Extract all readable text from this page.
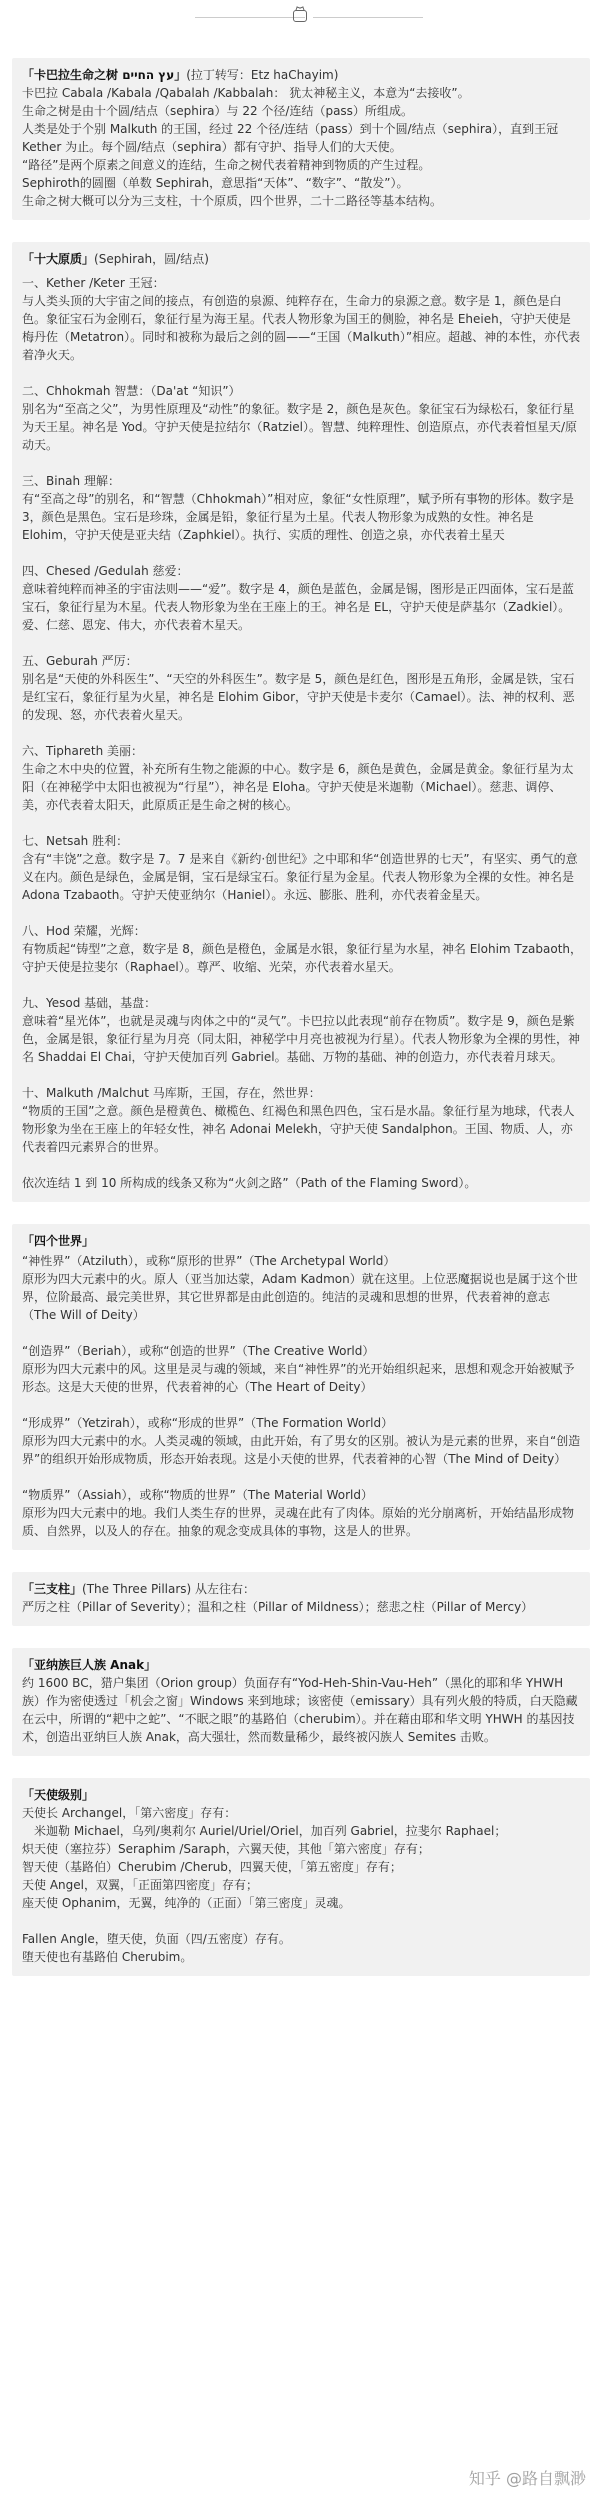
「卡巴拉生命之树 עץ החיים」(拉丁转写：Etz haChayim)

卡巴拉 Cabala /Kabala /Qabalah /Kabbalah： 犹太神秘主义，本意为“去接收”。

生命之树是由十个圆/结点（sephira）与 22 个径/连结（pass）所组成。

人类是处于个别 Malkuth 的王国，经过 22 个径/连结（pass）到十个圆/结点（sephira），直到王冠 Kether 为止。每个圆/结点（sephira）都有守护、指导人们的大天使。

“路径”是两个原素之间意义的连结，生命之树代表着精神到物质的产生过程。

Sephiroth的圆圈（单数 Sephirah，意思指“天体”、“数字”、“散发”）。

生命之树大概可以分为三支柱，十个原质，四个世界，二十二路径等基本结构。

「十大原质」(Sephirah，圆/结点)

一、Kether /Keter 王冠：

与人类头顶的大宇宙之间的接点，有创造的泉源、纯粹存在，生命力的泉源之意。数字是 1，颜色是白色。象征宝石为金刚石，象征行星为海王星。代表人物形象为国王的侧脸，神名是 Eheieh，守护天使是梅丹佐（Metatron）。同时和被称为最后之剑的圆——“王国（Malkuth）”相应。超越、神的本性，亦代表着净火天。

二、Chhokmah 智慧：（Da'at “知识”）

别名为“至高之父”，为男性原理及“动性”的象征。数字是 2，颜色是灰色。象征宝石为绿松石，象征行星为天王星。神名是 Yod。守护天使是拉结尔（Ratziel）。智慧、纯粹理性、创造原点，亦代表着恒星天/原动天。

三、Binah 理解：

有“至高之母”的别名，和“智慧（Chhokmah）”相对应，象征“女性原理”，赋予所有事物的形体。数字是 3，颜色是黑色。宝石是珍珠，金属是铅，象征行星为土星。代表人物形象为成熟的女性。神名是 Elohim，守护天使是亚夫结（Zaphkiel）。执行、实质的理性、创造之泉，亦代表着土星天

四、Chesed /Gedulah 慈爱：

意味着纯粹而神圣的宇宙法则——“爱”。数字是 4，颜色是蓝色，金属是锡，图形是正四面体，宝石是蓝宝石，象征行星为木星。代表人物形象为坐在王座上的王。神名是 EL，守护天使是萨基尔（Zadkiel）。爱、仁慈、恩宠、伟大，亦代表着木星天。

五、Geburah 严厉：

别名是“天使的外科医生”、“天空的外科医生”。数字是 5，颜色是红色，图形是五角形，金属是铁，宝石是红宝石，象征行星为火星，神名是 Elohim Gibor，守护天使是卡麦尔（Camael）。法、神的权利、恶的发现、怒，亦代表着火星天。

六、Tiphareth 美丽：

生命之木中央的位置，补充所有生物之能源的中心。数字是 6，颜色是黄色，金属是黄金。象征行星为太阳（在神秘学中太阳也被视为“行星”），神名是 Eloha。守护天使是米迦勒（Michael）。慈悲、调停、美，亦代表着太阳天，此原质正是生命之树的核心。

七、Netsah 胜利：

含有“丰饶”之意。数字是 7。7 是来自《新约·创世纪》之中耶和华“创造世界的七天”，有坚实、勇气的意义在内。颜色是绿色，金属是铜，宝石是绿宝石。象征行星为金星。代表人物形象为全裸的女性。神名是 Adona Tzabaoth。守护天使亚纳尔（Haniel）。永远、膨胀、胜利，亦代表着金星天。

八、Hod 荣耀，光辉：

有物质起“铸型”之意，数字是 8，颜色是橙色，金属是水银，象征行星为水星，神名 Elohim Tzabaoth，守护天使是拉斐尔（Raphael）。尊严、收缩、光荣，亦代表着水星天。

九、Yesod 基础，基盘：

意味着“星光体”，也就是灵魂与肉体之中的“灵气”。卡巴拉以此表现“前存在物质”。数字是 9，颜色是紫色，金属是银，象征行星为月亮（同太阳，神秘学中月亮也被视为行星）。代表人物形象为全裸的男性，神名 Shaddai El Chai，守护天使加百列 Gabriel。基础、万物的基础、神的创造力，亦代表着月球天。

十、Malkuth /Malchut 马库斯，王国，存在，然世界：

“物质的王国”之意。颜色是橙黄色、橄榄色、红褐色和黑色四色，宝石是水晶。象征行星为地球，代表人物形象为坐在王座上的年轻女性，神名 Adonai Melekh，守护天使 Sandalphon。王国、物质、人，亦代表着四元素界合的世界。

依次连结 1 到 10 所构成的线条又称为“火剑之路”（Path of the Flaming Sword）。

「四个世界」

“神性界”（Atziluth），或称“原形的世界”（The Archetypal World）

原形为四大元素中的火。原人（亚当加达蒙，Adam Kadmon）就在这里。上位恶魔据说也是属于这个世界，位阶最高、最完美世界，其它世界都是由此创造的。纯洁的灵魂和思想的世界，代表着神的意志（The Will of Deity）

“创造界”（Beriah），或称“创造的世界”（The Creative World）

原形为四大元素中的风。这里是灵与魂的领域，来自“神性界”的光开始组织起来，思想和观念开始被赋予形态。这是大天使的世界，代表着神的心（The Heart of Deity）

“形成界”（Yetzirah），或称“形成的世界”（The Formation World）

原形为四大元素中的水。人类灵魂的领域，由此开始，有了男女的区别。被认为是元素的世界，来自“创造界”的组织开始形成物质，形态开始表现。这是小天使的世界，代表着神的心智（The Mind of Deity）

“物质界”（Assiah），或称“物质的世界”（The Material World）

原形为四大元素中的地。我们人类生存的世界，灵魂在此有了肉体。原始的光分崩离析，开始结晶形成物质、自然界，以及人的存在。抽象的观念变成具体的事物，这是人的世界。

「三支柱」(The Three Pillars) 从左往右：

严厉之柱（Pillar of Severity）；温和之柱（Pillar of Mildness）；慈悲之柱（Pillar of Mercy）

「亚纳族巨人族 Anak」

约 1600 BC，猎户集团（Orion group）负面存有“Yod-Heh-Shin-Vau-Heh”（黑化的耶和华 YHWH 族）作为密使透过「机会之窗」Windows 来到地球；该密使（emissary）具有列火般的特质，白天隐藏在云中，所谓的“耙中之蛇”、“不眠之眼”的基路伯（cherubim）。并在藉由耶和华文明 YHWH 的基因技术，创造出亚纳巨人族 Anak，高大强壮，然而数量稀少，最终被闪族人 Semites 击败。

「天使级别」

天使长 Archangel，「第六密度」存有：

　米迦勒 Michael，乌列/奥莉尔 Auriel/Uriel/Oriel，加百列 Gabriel，拉斐尔 Raphael；

炽天使（塞拉芬）Seraphim /Saraph，六翼天使，其他「第六密度」存有；

智天使（基路伯）Cherubim /Cherub，四翼天使，「第五密度」存有；

天使 Angel，双翼，「正面第四密度」存有；

座天使 Ophanim，无翼，纯净的（正面）「第三密度」灵魂。

Fallen Angle，堕天使，负面（四/五密度）存有。

堕天使也有基路伯 Cherubim。

知乎 @路自飘渺
